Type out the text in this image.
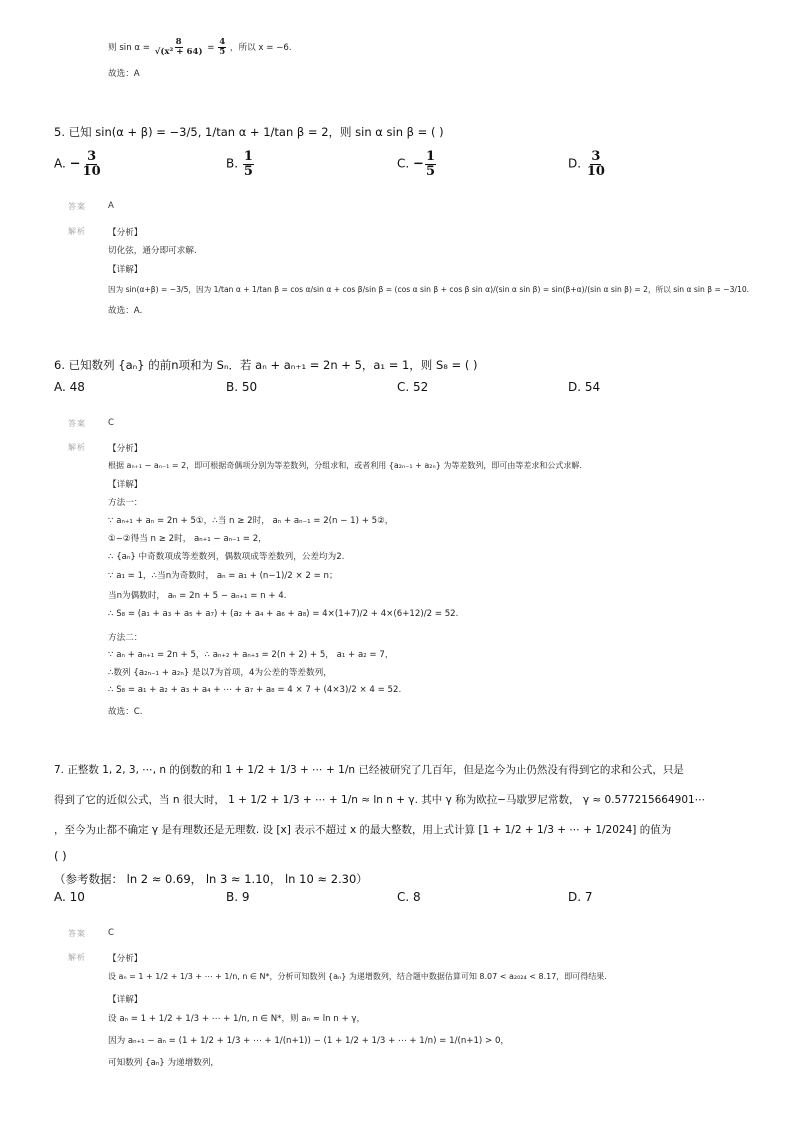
则 $\sin \alpha = \frac{8}{\text{√(x² + 64)}} = \frac{4}{5}$ ，所以 x = −6.
故选：A
5. 已知 sin(α + β) = −3/5, 1/tan α + 1/tan β = 2，则 sin α sin β = ( )
A. − $\frac{3}{10}$	B. $\frac{1}{5}$	C. − $\frac{1}{5}$	D. $\frac{3}{10}$
答案	A
解析	【分析】
切化弦，通分即可求解.
【详解】
因为 sin(α+β) = −3/5，因为 1/tan α + 1/tan β = cos α/sin α + cos β/sin β = (cos α sin β + cos β sin α)/(sin α sin β) = sin(β+α)/(sin α sin β) = 2，所以 sin α sin β = −3/10.
故选：A.
6. 已知数列 {aₙ} 的前n项和为 Sₙ．若 aₙ + aₙ₊₁ = 2n + 5，a₁ = 1，则 S₈ = ( )
A. 48	B. 50	C. 52	D. 54
答案	C
解析	【分析】
根据 aₙ₊₁ − aₙ₋₁ = 2，即可根据奇偶项分别为等差数列，分组求和，或者利用 {a₂ₙ₋₁ + a₂ₙ} 为等差数列，即可由等差求和公式求解.
【详解】
方法一：
∵ aₙ₊₁ + aₙ = 2n + 5①，∴当 n ≥ 2时， aₙ + aₙ₋₁ = 2(n − 1) + 5②，
①−②得当 n ≥ 2时， aₙ₊₁ − aₙ₋₁ = 2，
∴ {aₙ} 中奇数项成等差数列，偶数项成等差数列，公差均为2.
∵ a₁ = 1，∴当n为奇数时， aₙ = a₁ + (n−1)/2 × 2 = n；
当n为偶数时， aₙ = 2n + 5 − aₙ₊₁ = n + 4.
∴ S₈ = (a₁ + a₃ + a₅ + a₇) + (a₂ + a₄ + a₆ + a₈) = 4×(1+7)/2 + 4×(6+12)/2 = 52.
方法二：
∵ aₙ + aₙ₊₁ = 2n + 5，∴ aₙ₊₂ + aₙ₊₃ = 2(n + 2) + 5， a₁ + a₂ = 7，
∴数列 {a₂ₙ₋₁ + a₂ₙ} 是以7为首项，4为公差的等差数列，
∴ S₈ = a₁ + a₂ + a₃ + a₄ + ⋯ + a₇ + a₈ = 4 × 7 + (4×3)/2 × 4 = 52.
故选：C.
7. 正整数 1, 2, 3, ⋯, n 的倒数的和 1 + 1/2 + 1/3 + ⋯ + 1/n 已经被研究了几百年，但是迄今为止仍然没有得到它的求和公式，只是
得到了它的近似公式，当 n 很大时， 1 + 1/2 + 1/3 + ⋯ + 1/n ≈ ln n + γ. 其中 γ 称为欧拉−马歇罗尼常数， γ ≈ 0.577215664901⋯
，至今为止都不确定 γ 是有理数还是无理数. 设 [x] 表示不超过 x 的最大整数，用上式计算 [1 + 1/2 + 1/3 + ⋯ + 1/2024] 的值为
( )
（参考数据： ln 2 ≈ 0.69， ln 3 ≈ 1.10， ln 10 ≈ 2.30）
A. 10	B. 9	C. 8	D. 7
答案	C
解析	【分析】
设 aₙ = 1 + 1/2 + 1/3 + ⋯ + 1/n, n ∈ N*，分析可知数列 {aₙ} 为递增数列，结合题中数据估算可知 8.07 < a₂₀₂₄ < 8.17，即可得结果.
【详解】
设 aₙ = 1 + 1/2 + 1/3 + ⋯ + 1/n, n ∈ N*，则 aₙ ≈ ln n + γ，
因为 aₙ₊₁ − aₙ = (1 + 1/2 + 1/3 + ⋯ + 1/(n+1)) − (1 + 1/2 + 1/3 + ⋯ + 1/n) = 1/(n+1) > 0，
可知数列 {aₙ} 为递增数列，
